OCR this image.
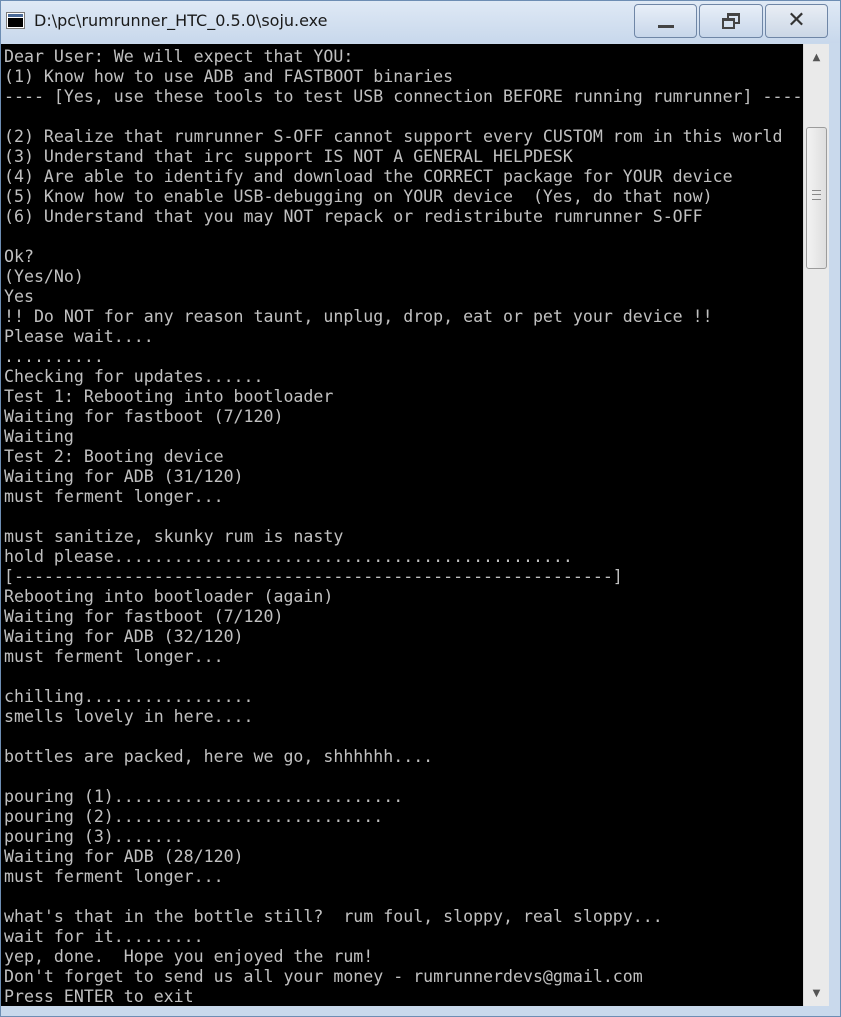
D:\pc\rumrunner_HTC_0.5.0\soju.exe	✕
Dear User: We will expect that YOU:
(1) Know how to use ADB and FASTBOOT binaries
---- [Yes, use these tools to test USB connection BEFORE running rumrunner] ----

(2) Realize that rumrunner S-OFF cannot support every CUSTOM rom in this world
(3) Understand that irc support IS NOT A GENERAL HELPDESK
(4) Are able to identify and download the CORRECT package for YOUR device
(5) Know how to enable USB-debugging on YOUR device  (Yes, do that now)
(6) Understand that you may NOT repack or redistribute rumrunner S-OFF

Ok?
(Yes/No)
Yes
!! Do NOT for any reason taunt, unplug, drop, eat or pet your device !!
Please wait....
..........
Checking for updates......
Test 1: Rebooting into bootloader
Waiting for fastboot (7/120)
Waiting
Test 2: Booting device
Waiting for ADB (31/120)
must ferment longer...

must sanitize, skunky rum is nasty
hold please..............................................
[------------------------------------------------------------]
Rebooting into bootloader (again)
Waiting for fastboot (7/120)
Waiting for ADB (32/120)
must ferment longer...

chilling.................
smells lovely in here....

bottles are packed, here we go, shhhhhh....

pouring (1).............................
pouring (2)...........................
pouring (3).......
Waiting for ADB (28/120)
must ferment longer...

what's that in the bottle still?  rum foul, sloppy, real sloppy...
wait for it.........
yep, done.  Hope you enjoyed the rum!
Don't forget to send us all your money - rumrunnerdevs@gmail.com
Press ENTER to exit
▲
▼
